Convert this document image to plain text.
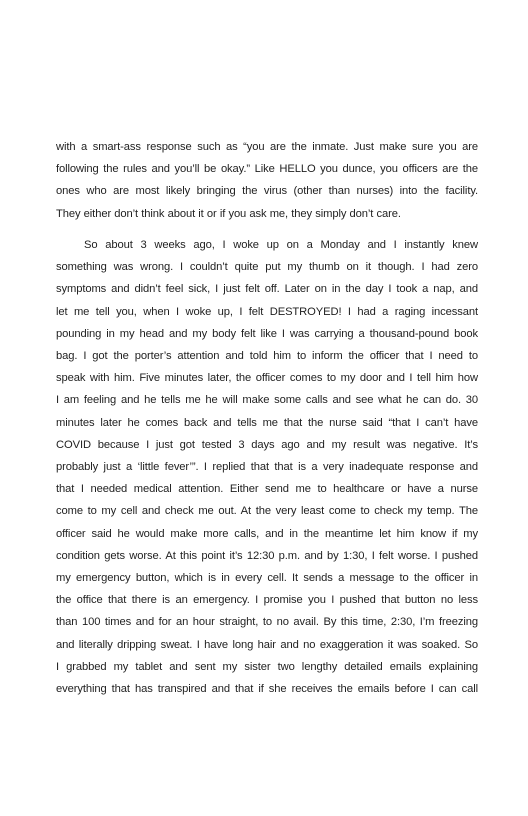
with a smart-ass response such as “you are the inmate. Just make sure you are
following the rules and you’ll be okay.” Like HELLO you dunce, you officers are the
ones who are most likely bringing the virus (other than nurses) into the facility.
They either don’t think about it or if you ask me, they simply don’t care.
So about 3 weeks ago, I woke up on a Monday and I instantly knew
something was wrong. I couldn’t quite put my thumb on it though. I had zero
symptoms and didn’t feel sick, I just felt off. Later on in the day I took a nap, and
let me tell you, when I woke up, I felt DESTROYED! I had a raging incessant
pounding in my head and my body felt like I was carrying a thousand-pound book
bag. I got the porter’s attention and told him to inform the officer that I need to
speak with him. Five minutes later, the officer comes to my door and I tell him how
I am feeling and he tells me he will make some calls and see what he can do. 30
minutes later he comes back and tells me that the nurse said “that I can’t have
COVID because I just got tested 3 days ago and my result was negative. It’s
probably just a ‘little fever’”. I replied that that is a very inadequate response and
that I needed medical attention. Either send me to healthcare or have a nurse
come to my cell and check me out. At the very least come to check my temp. The
officer said he would make more calls, and in the meantime let him know if my
condition gets worse. At this point it’s 12:30 p.m. and by 1:30, I felt worse. I pushed
my emergency button, which is in every cell. It sends a message to the officer in
the office that there is an emergency. I promise you I pushed that button no less
than 100 times and for an hour straight, to no avail. By this time, 2:30, I’m freezing
and literally dripping sweat. I have long hair and no exaggeration it was soaked. So
I grabbed my tablet and sent my sister two lengthy detailed emails explaining
everything that has transpired and that if she receives the emails before I can call
